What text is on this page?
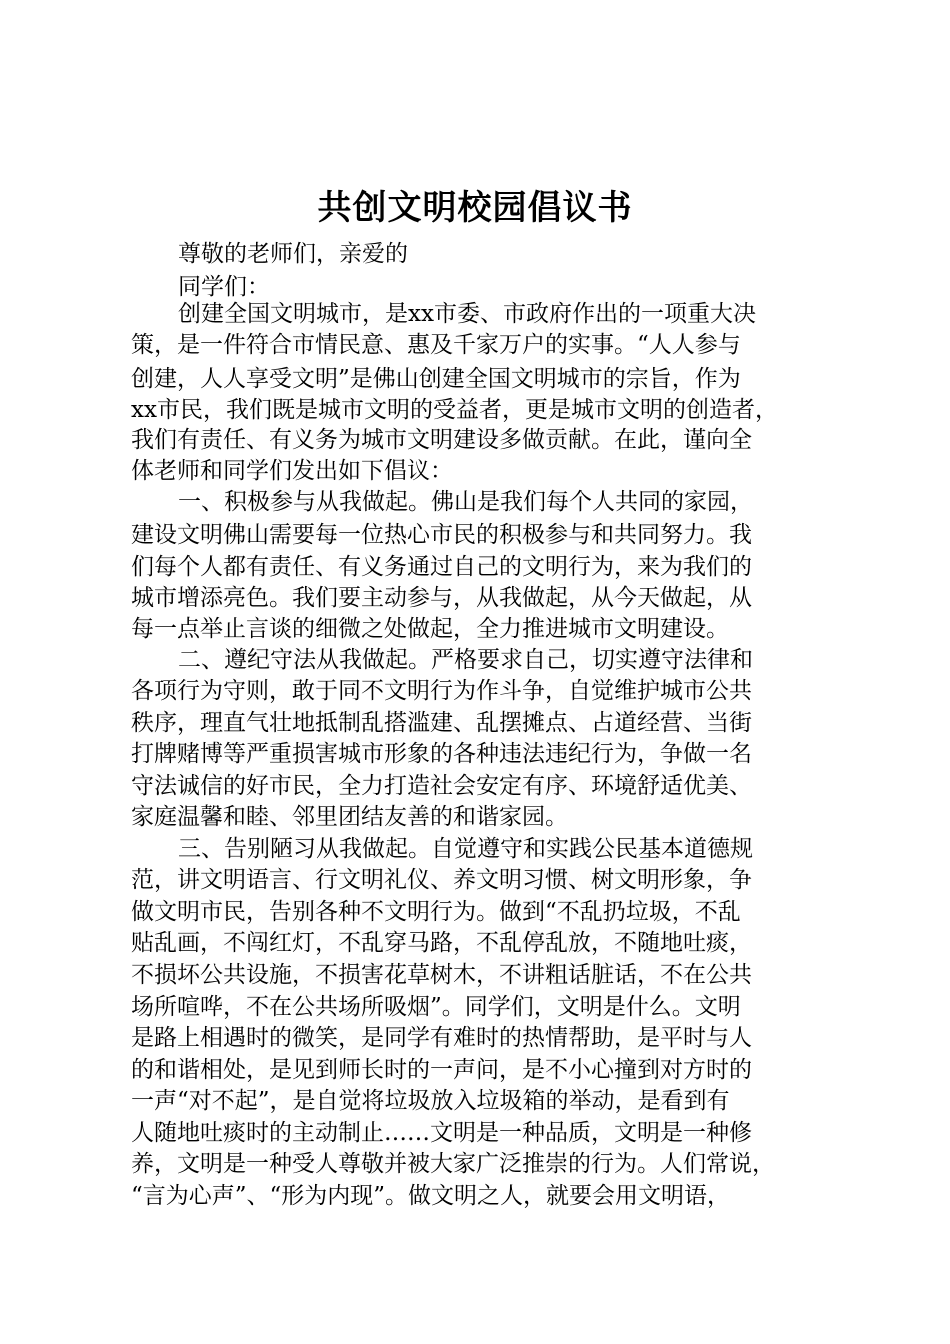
共创文明校园倡议书
尊敬的老师们，亲爱的
同学们：
创建全国文明城市，是xx市委、市政府作出的一项重大决
策，是一件符合市情民意、惠及千家万户的实事。“人人参与
创建，人人享受文明”是佛山创建全国文明城市的宗旨，作为
xx市民，我们既是城市文明的受益者，更是城市文明的创造者，
我们有责任、有义务为城市文明建设多做贡献。在此，谨向全
体老师和同学们发出如下倡议：
一、积极参与从我做起。佛山是我们每个人共同的家园，
建设文明佛山需要每一位热心市民的积极参与和共同努力。我
们每个人都有责任、有义务通过自己的文明行为，来为我们的
城市增添亮色。我们要主动参与，从我做起，从今天做起，从
每一点举止言谈的细微之处做起，全力推进城市文明建设。
二、遵纪守法从我做起。严格要求自己，切实遵守法律和
各项行为守则，敢于同不文明行为作斗争，自觉维护城市公共
秩序，理直气壮地抵制乱搭滥建、乱摆摊点、占道经营、当街
打牌赌博等严重损害城市形象的各种违法违纪行为，争做一名
守法诚信的好市民，全力打造社会安定有序、环境舒适优美、
家庭温馨和睦、邻里团结友善的和谐家园。
三、告别陋习从我做起。自觉遵守和实践公民基本道德规
范，讲文明语言、行文明礼仪、养文明习惯、树文明形象，争
做文明市民，告别各种不文明行为。做到“不乱扔垃圾，不乱
贴乱画，不闯红灯，不乱穿马路，不乱停乱放，不随地吐痰，
不损坏公共设施，不损害花草树木，不讲粗话脏话，不在公共
场所喧哗，不在公共场所吸烟”。同学们，文明是什么。文明
是路上相遇时的微笑，是同学有难时的热情帮助，是平时与人
的和谐相处，是见到师长时的一声问，是不小心撞到对方时的
一声“对不起”，是自觉将垃圾放入垃圾箱的举动，是看到有
人随地吐痰时的主动制止……文明是一种品质，文明是一种修
养，文明是一种受人尊敬并被大家广泛推崇的行为。人们常说，
“言为心声”、“形为内现”。做文明之人，就要会用文明语，
